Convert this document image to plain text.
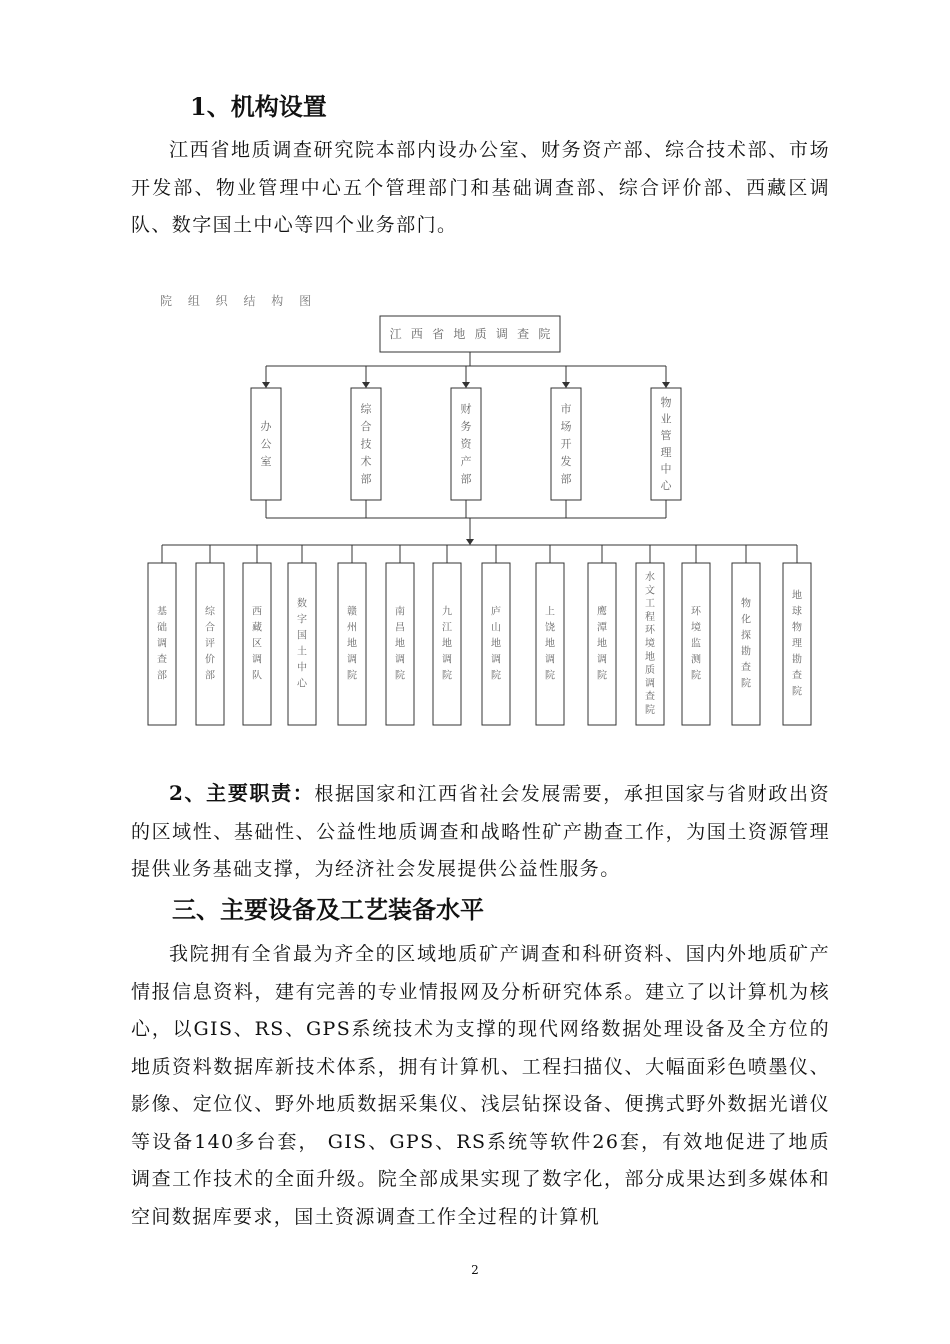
1、机构设置

江西省地质调查研究院本部内设办公室、财务资产部、综合技术部、市场开发部、物业管理中心五个管理部门和基础调查部、综合评价部、西藏区调队、数字国土中心等四个业务部门。

院 组 织 结 构 图
江 西 省 地 质 调 查 院
办
公
室
综
合
技
术
部
财
务
资
产
部
市
场
开
发
部
物
业
管
理
中
心
基
础
调
查
部
综
合
评
价
部
西
藏
区
调
队
数
字
国
土
中
心
赣
州
地
调
院
南
昌
地
调
院
九
江
地
调
院
庐
山
地
调
院
上
饶
地
调
院
鹰
潭
地
调
院
水
文
工
程
环
境
地
质
调
查
院
环
境
监
测
院
物
化
探
勘
查
院
地
球
物
理
勘
查
院

2、主要职责：根据国家和江西省社会发展需要，承担国家与省财政出资的区域性、基础性、公益性地质调查和战略性矿产勘查工作，为国土资源管理提供业务基础支撑，为经济社会发展提供公益性服务。

三、主要设备及工艺装备水平

我院拥有全省最为齐全的区域地质矿产调查和科研资料、国内外地质矿产情报信息资料，建有完善的专业情报网及分析研究体系。建立了以计算机为核心，以GIS、RS、GPS系统技术为支撑的现代网络数据处理设备及全方位的地质资料数据库新技术体系，拥有计算机、工程扫描仪、大幅面彩色喷墨仪、影像、定位仪、野外地质数据采集仪、浅层钻探设备、便携式野外数据光谱仪等设备140多台套， GIS、GPS、RS系统等软件26套，有效地促进了地质调查工作技术的全面升级。院全部成果实现了数字化，部分成果达到多媒体和空间数据库要求，国土资源调查工作全过程的计算机

2
